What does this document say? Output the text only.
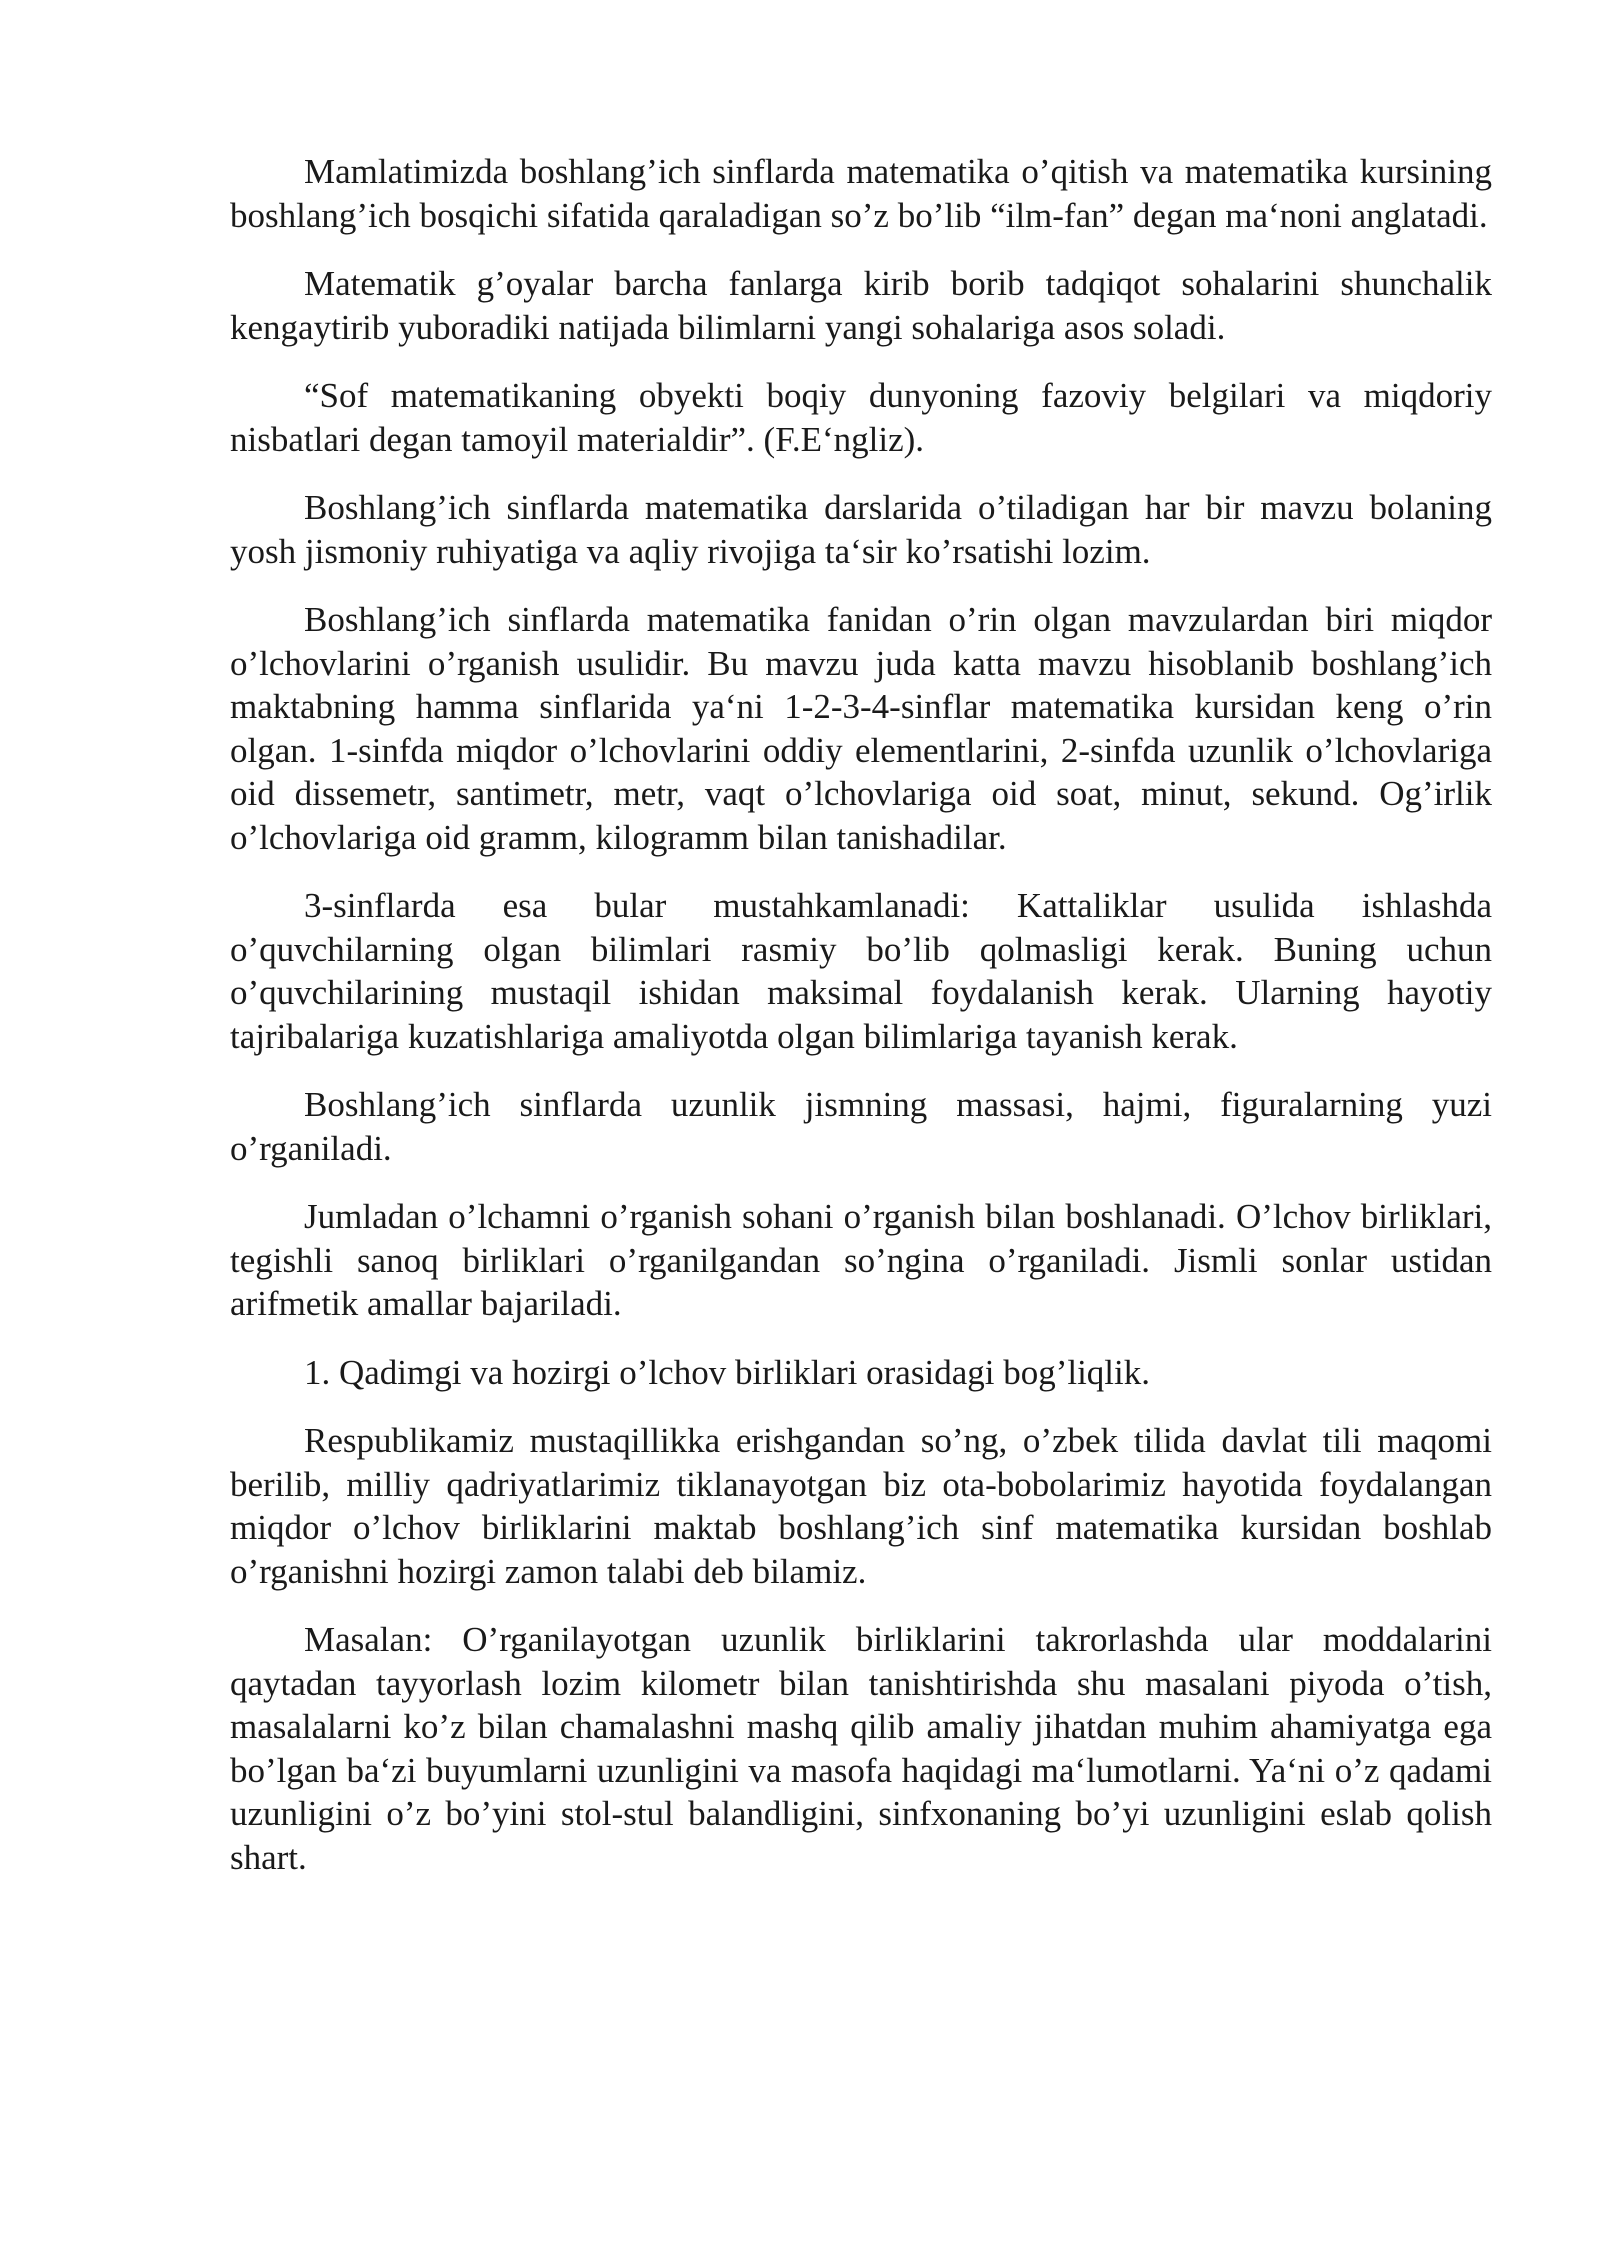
Mamlatimizda boshlang’ich sinflarda matematika o’qitish va matematika kursining boshlang’ich bosqichi sifatida qaraladigan so’z bo’lib “ilm-fan” degan ma‘noni anglatadi.

Matematik g’oyalar barcha fanlarga kirib borib tadqiqot sohalarini shunchalik kengaytirib yuboradiki natijada bilimlarni yangi sohalariga asos soladi.

“Sof matematikaning obyekti boqiy dunyoning fazoviy belgilari va miqdoriy nisbatlari degan tamoyil materialdir”. (F.E‘ngliz).

Boshlang’ich sinflarda matematika darslarida o’tiladigan har bir mavzu bolaning yosh jismoniy ruhiyatiga va aqliy rivojiga ta‘sir ko’rsatishi lozim.

Boshlang’ich sinflarda matematika fanidan o’rin olgan mavzulardan biri miqdor o’lchovlarini o’rganish usulidir. Bu mavzu juda katta mavzu hisoblanib boshlang’ich maktabning hamma sinflarida ya‘ni 1-2-3-4-sinflar matematika kursidan keng o’rin olgan. 1-sinfda miqdor o’lchovlarini oddiy elementlarini, 2-sinfda uzunlik o’lchovlariga oid dissemetr, santimetr, metr, vaqt o’lchovlariga oid soat, minut, sekund. Og’irlik o’lchovlariga oid gramm, kilogramm bilan tanishadilar.

3-sinflarda esa bular mustahkamlanadi: Kattaliklar usulida ishlashda o’quvchilarning olgan bilimlari rasmiy bo’lib qolmasligi kerak. Buning uchun o’quvchilarining mustaqil ishidan maksimal foydalanish kerak. Ularning hayotiy tajribalariga kuzatishlariga amaliyotda olgan bilimlariga tayanish kerak.

Boshlang’ich sinflarda uzunlik jismning massasi, hajmi, figuralarning yuzi o’rganiladi.

Jumladan o’lchamni o’rganish sohani o’rganish bilan boshlanadi. O’lchov birliklari, tegishli sanoq birliklari o’rganilgandan so’ngina o’rganiladi. Jismli sonlar ustidan arifmetik amallar bajariladi.

1. Qadimgi va hozirgi o’lchov birliklari orasidagi bog’liqlik.

Respublikamiz mustaqillikka erishgandan so’ng, o’zbek tilida davlat tili maqomi berilib, milliy qadriyatlarimiz tiklanayotgan biz ota-bobolarimiz hayotida foydalangan miqdor o’lchov birliklarini maktab boshlang’ich sinf matematika kursidan boshlab o’rganishni hozirgi zamon talabi deb bilamiz.

Masalan: O’rganilayotgan uzunlik birliklarini takrorlashda ular moddalarini qaytadan tayyorlash lozim kilometr bilan tanishtirishda shu masalani piyoda o’tish, masalalarni ko’z bilan chamalashni mashq qilib amaliy jihatdan muhim ahamiyatga ega bo’lgan ba‘zi buyumlarni uzunligini va masofa haqidagi ma‘lumotlarni. Ya‘ni o’z qadami uzunligini o’z bo’yini stol-stul balandligini, sinfxonaning bo’yi uzunligini eslab qolish shart.
